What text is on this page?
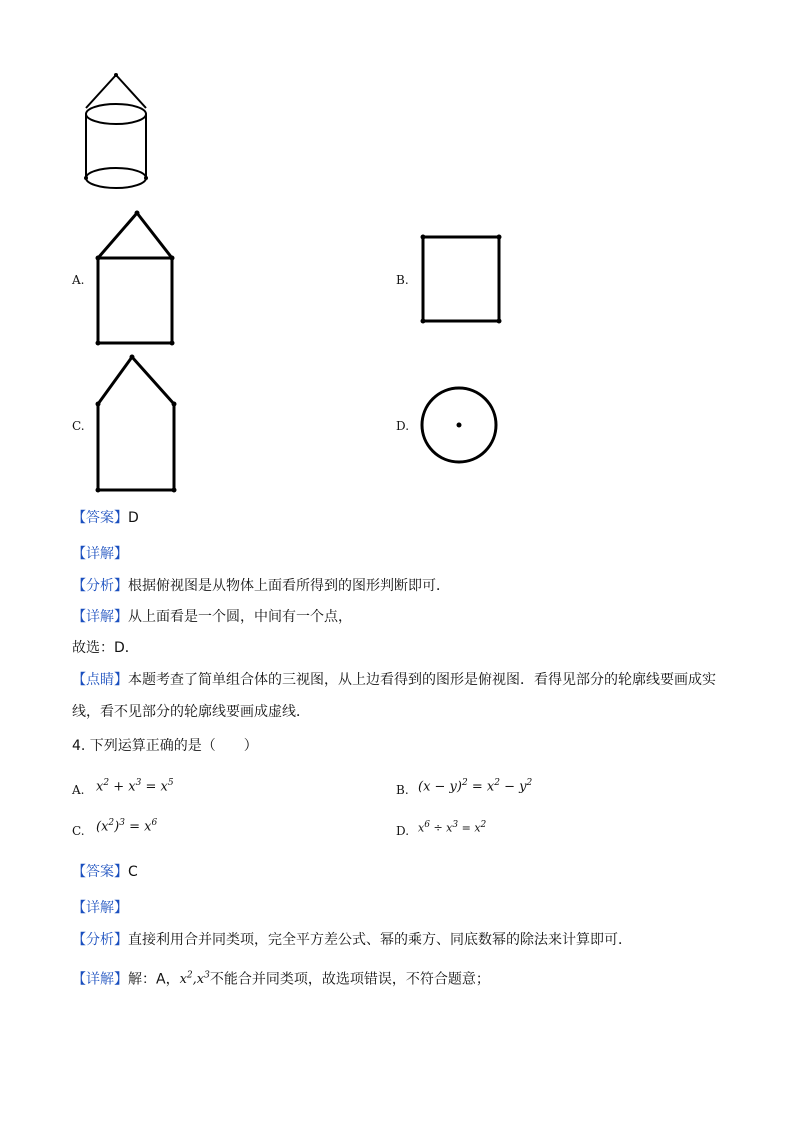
A.	B.
C.	D.
【答案】D
【详解】
【分析】根据俯视图是从物体上面看所得到的图形判断即可．
【详解】从上面看是一个圆，中间有一个点，
故选：D．
【点睛】本题考查了简单组合体的三视图，从上边看得到的图形是俯视图．看得见部分的轮廓线要画成实
线，看不见部分的轮廓线要画成虚线．
4. 下列运算正确的是（　　）
A. $x^2 + x^3 = x^5$	B. $(x - y)^2 = x^2 - y^2$
C. $(x^2)^3 = x^6$
D. $x^6 \div x^3 = x^2$
【答案】C
【详解】
【分析】直接利用合并同类项，完全平方差公式、幂的乘方、同底数幂的除法来计算即可．
【详解】解：A，$x^2,x^3$不能合并同类项，故选项错误，不符合题意；
